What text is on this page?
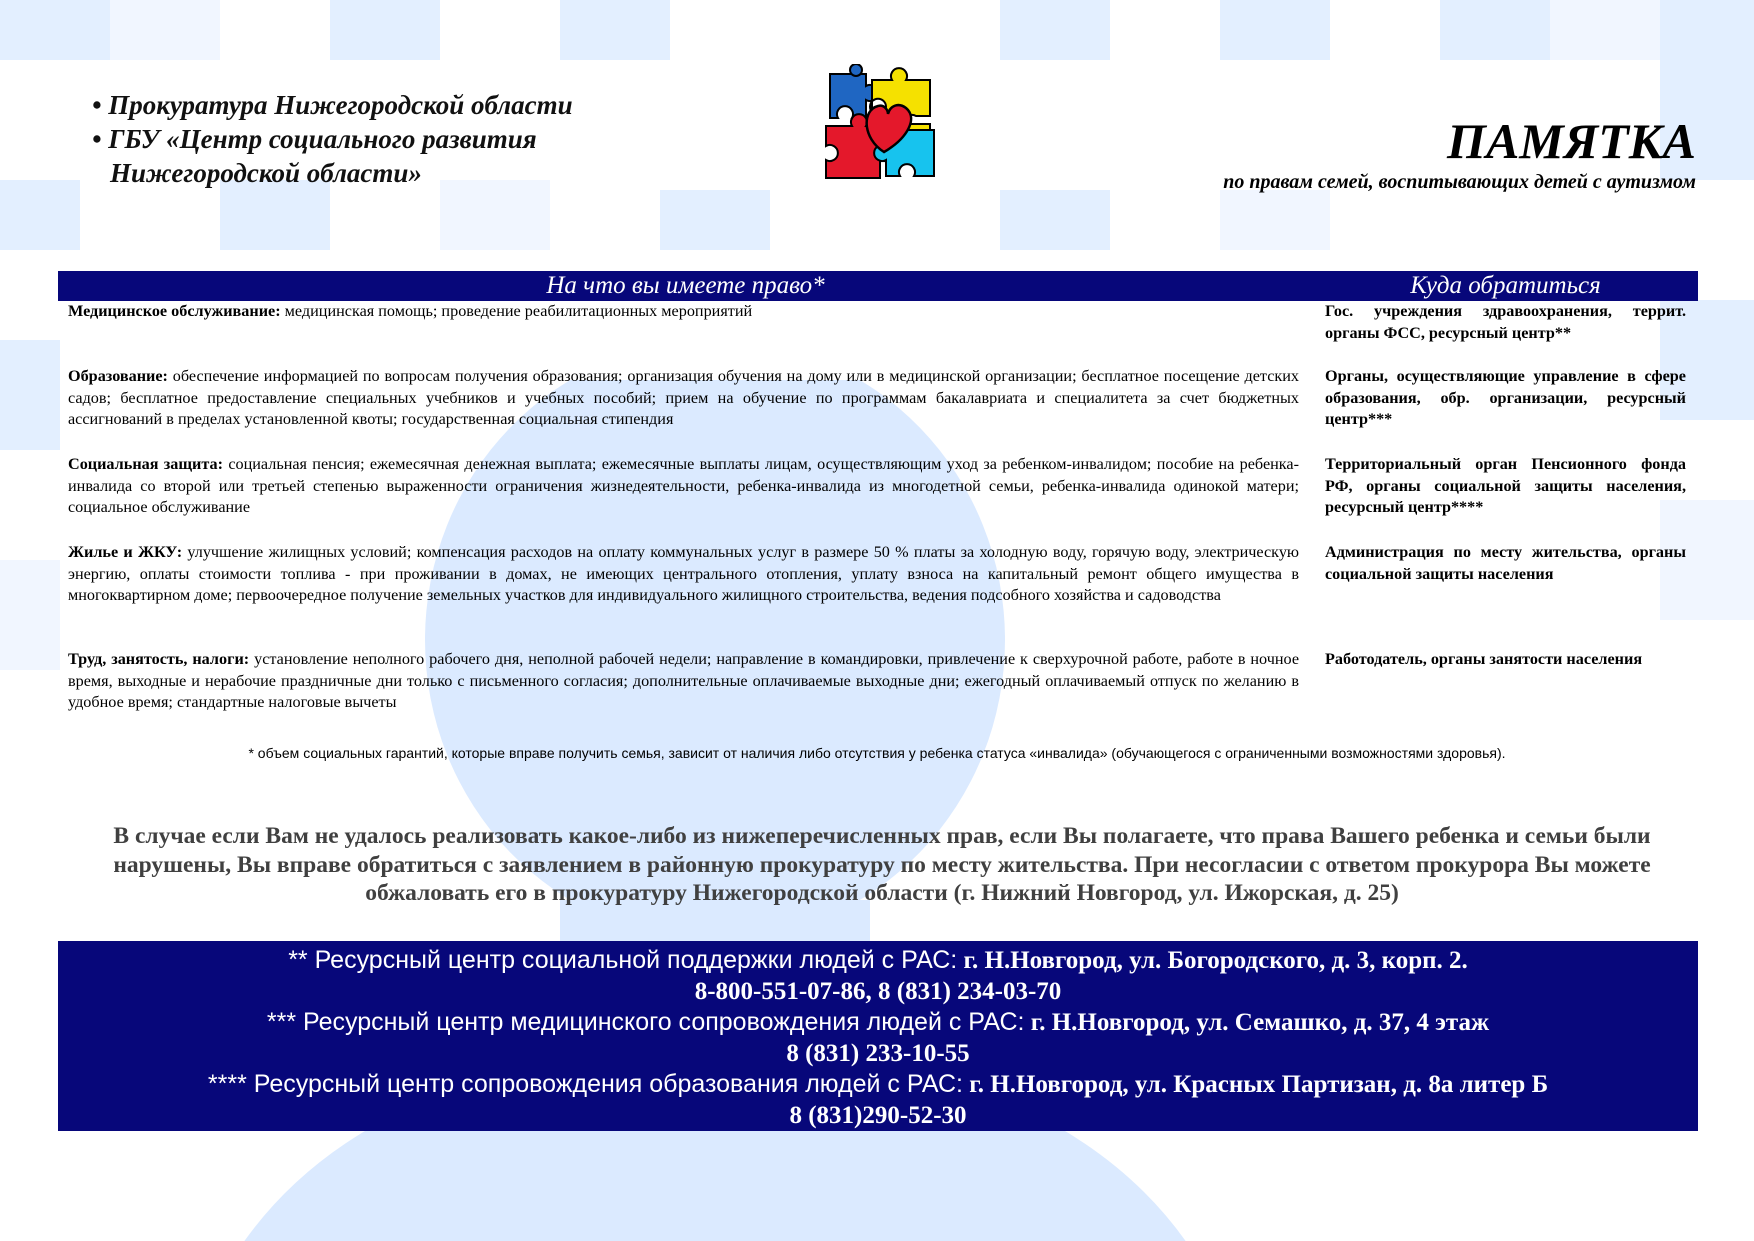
• Прокуратура Нижегородской области
• ГБУ «Центр социального развития
Нижегородской области»
ПАМЯТКА
по правам семей, воспитывающих детей с аутизмом
На что вы имеете право*	Куда обратиться
Медицинское обслуживание: медицинская помощь; проведение реабилитационных мероприятий	Гос. учреждения здравоохранения, террит. органы ФСС, ресурсный центр**

Образование: обеспечение информацией по вопросам получения образования; организация обучения на дому или в медицинской организации; бесплатное посещение детских садов; бесплатное предоставление специальных учебников и учебных пособий; прием на обучение по программам бакалавриата и специалитета за счет бюджетных ассигнований в пределах установленной квоты; государственная социальная стипендия	Органы, осуществляющие управление в сфере образования, обр. организации, ресурсный центр***

Социальная защита: социальная пенсия; ежемесячная денежная выплата; ежемесячные выплаты лицам, осуществляющим уход за ребенком-инвалидом; пособие на ребенка-инвалида со второй или третьей степенью выраженности ограничения жизнедеятельности, ребенка-инвалида из многодетной семьи, ребенка-инвалида одинокой матери; социальное обслуживание	Территориальный орган Пенсионного фонда РФ, органы социальной защиты населения, ресурсный центр****

Жилье и ЖКУ: улучшение жилищных условий; компенсация расходов на оплату коммунальных услуг в размере 50 % платы за холодную воду, горячую воду, электрическую энергию, оплаты стоимости топлива - при проживании в домах, не имеющих центрального отопления, уплату взноса на капитальный ремонт общего имущества в многоквартирном доме; первоочередное получение земельных участков для индивидуального жилищного строительства, ведения подсобного хозяйства и садоводства	Администрация по месту жительства, органы социальной защиты населения

Труд, занятость, налоги: установление неполного рабочего дня, неполной рабочей недели; направление в командировки, привлечение к сверхурочной работе, работе в ночное время, выходные и нерабочие праздничные дни только с письменного согласия; дополнительные оплачиваемые выходные дни; ежегодный оплачиваемый отпуск по желанию в удобное время; стандартные налоговые вычеты	Работодатель, органы занятости населения
* объем социальных гарантий, которые вправе получить семья, зависит от наличия либо отсутствия у ребенка статуса «инвалида» (обучающегося с ограниченными возможностями здоровья).
В случае если Вам не удалось реализовать какое-либо из нижеперечисленных прав, если Вы полагаете, что права Вашего ребенка и семьи были нарушены, Вы вправе обратиться с заявлением в районную прокуратуру по месту жительства. При несогласии с ответом прокурора Вы можете обжаловать его в прокуратуру Нижегородской области (г. Нижний Новгород, ул. Ижорская, д. 25)
** Ресурсный центр социальной поддержки людей с РАС: г. Н.Новгород, ул. Богородского, д. 3, корп. 2.
8-800-551-07-86, 8 (831) 234-03-70
*** Ресурсный центр медицинского сопровождения людей с РАС: г. Н.Новгород, ул. Семашко, д. 37, 4 этаж
8 (831) 233-10-55
**** Ресурсный центр сопровождения образования людей с РАС: г. Н.Новгород, ул. Красных Партизан, д. 8а литер Б
8 (831)290-52-30
